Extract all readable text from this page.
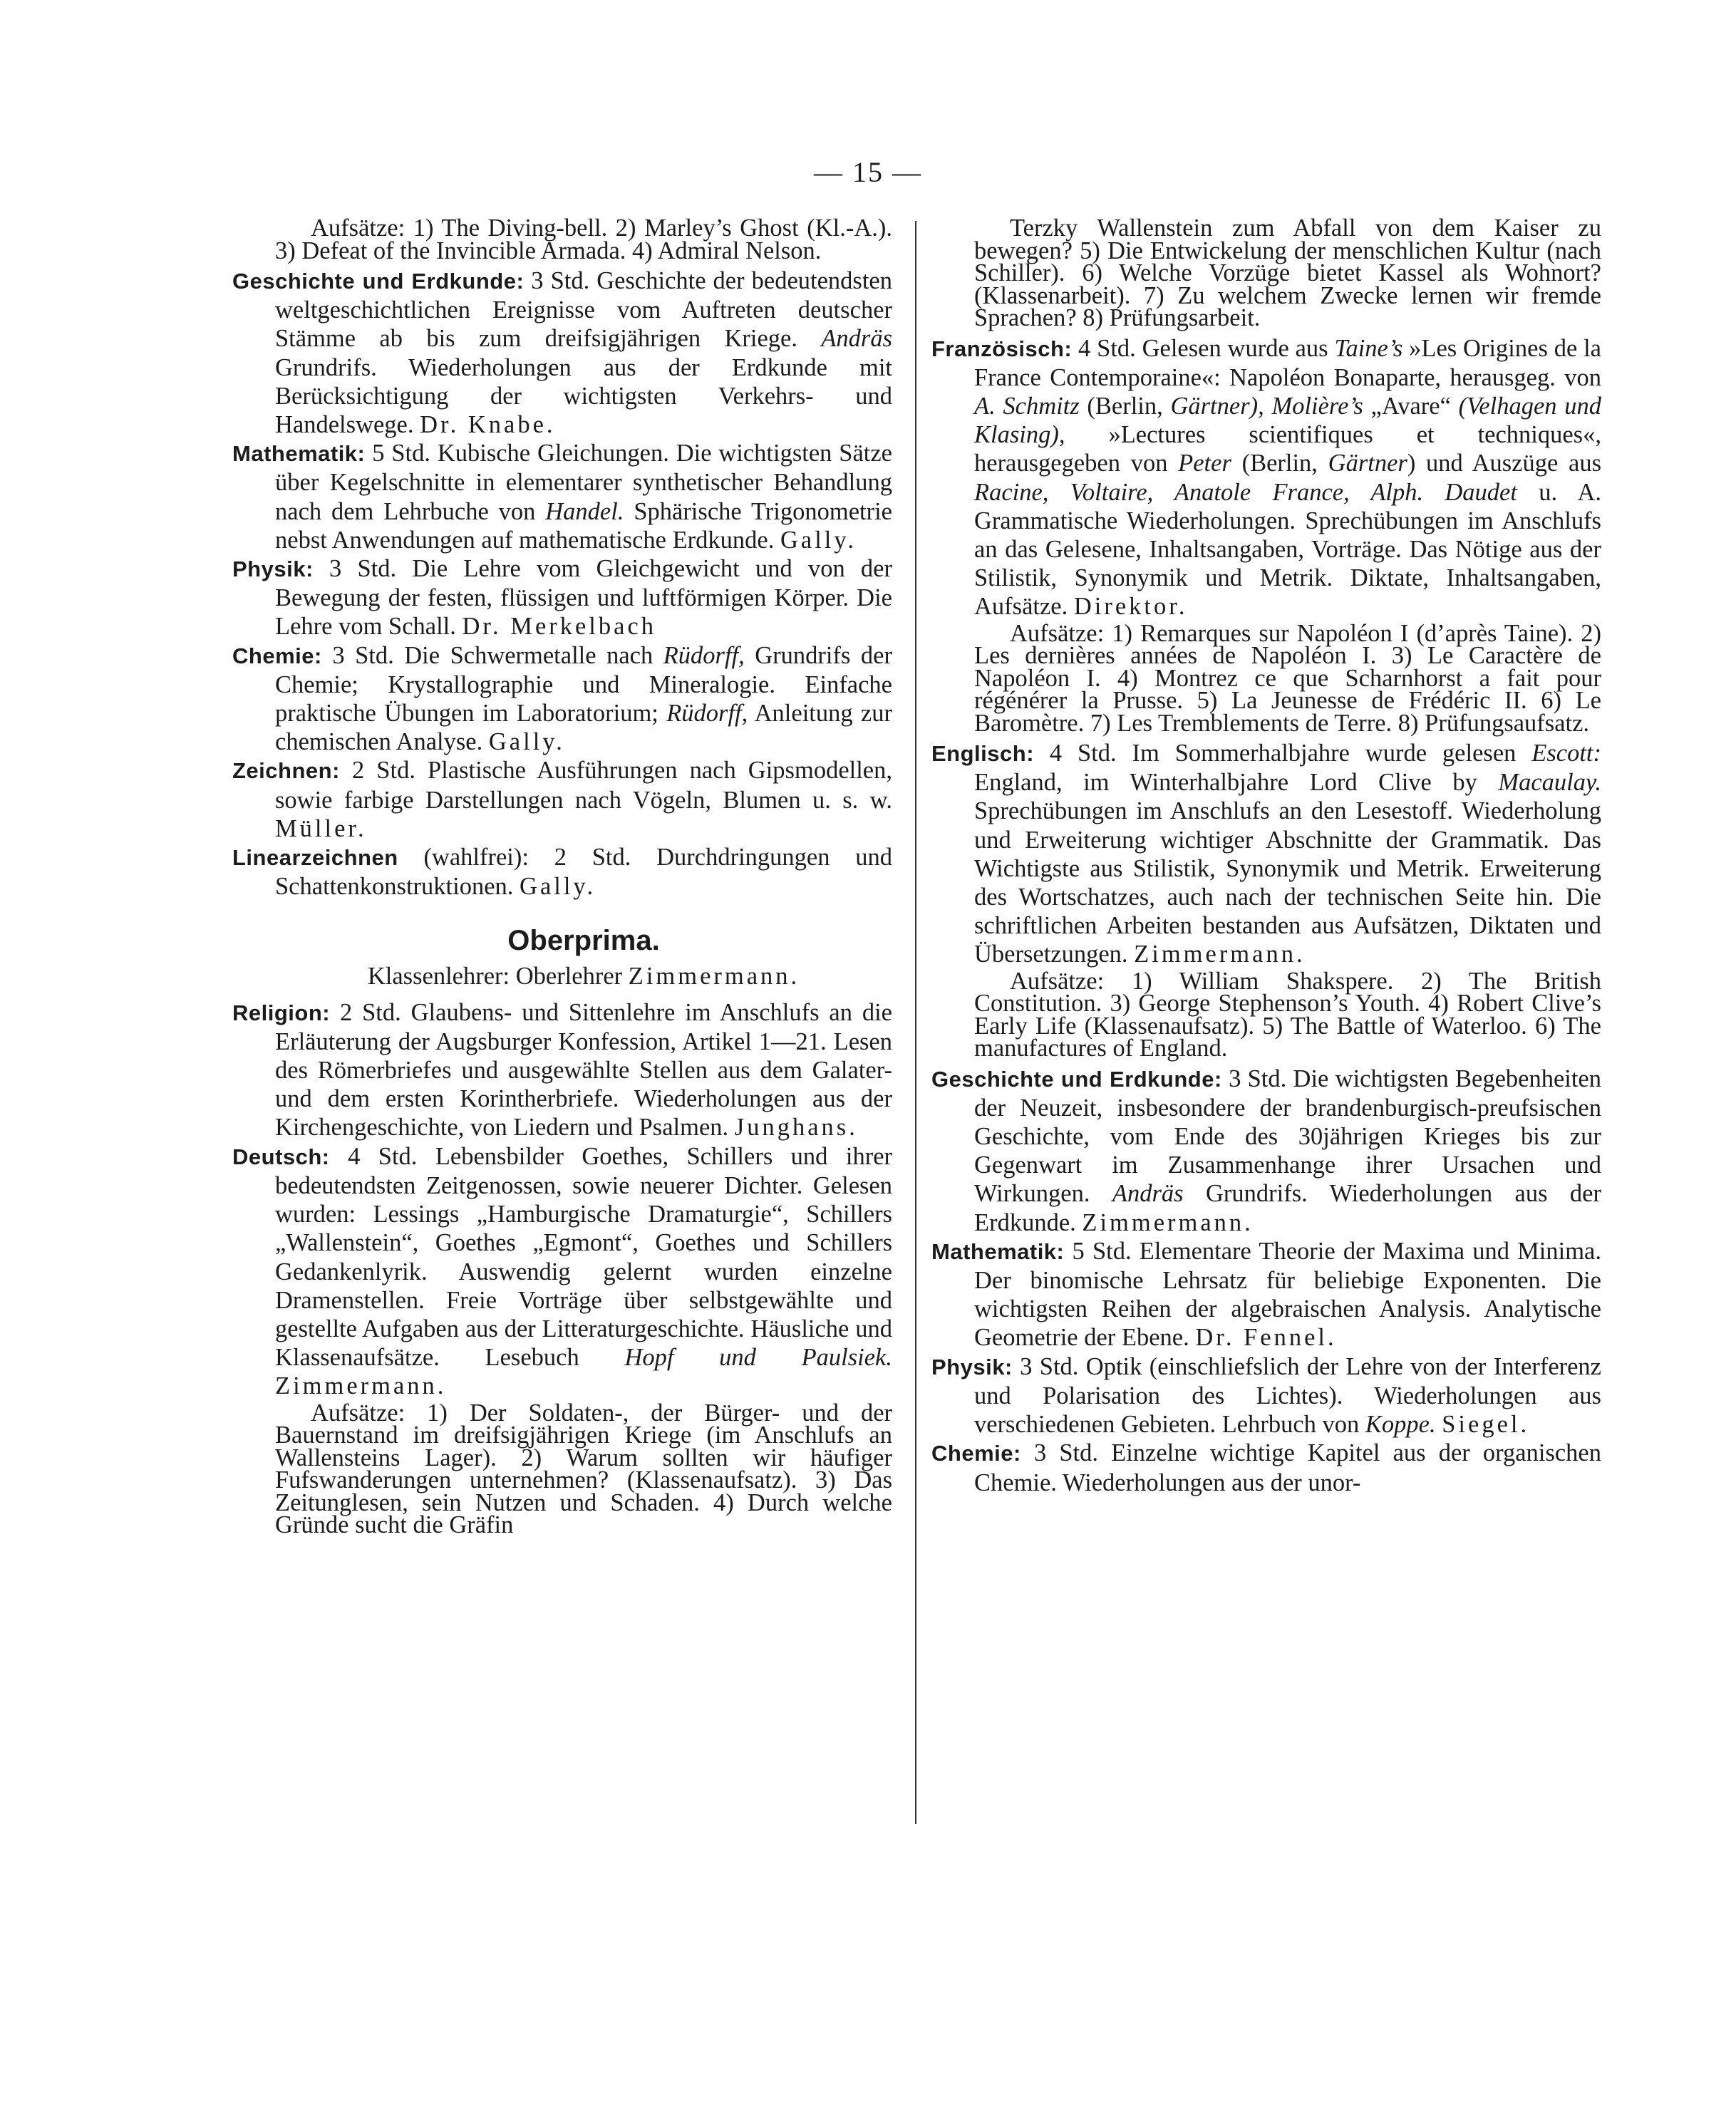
— 15 —

Aufsätze: 1) The Diving-bell. 2) Marley’s Ghost (Kl.-A.). 3) Defeat of the Invincible Armada. 4) Admiral Nelson.

Geschichte und Erdkunde: 3 Std. Geschichte der bedeutendsten weltgeschichtlichen Ereignisse vom Auftreten deutscher Stämme ab bis zum dreifsigjährigen Kriege. Andräs Grundrifs. Wiederholungen aus der Erdkunde mit Berücksichtigung der wichtigsten Verkehrs- und Handelswege. Dr. Knabe.

Mathematik: 5 Std. Kubische Gleichungen. Die wichtigsten Sätze über Kegelschnitte in elementarer synthetischer Behandlung nach dem Lehrbuche von Handel. Sphärische Trigonometrie nebst Anwendungen auf mathematische Erdkunde. Gally.

Physik: 3 Std. Die Lehre vom Gleichgewicht und von der Bewegung der festen, flüssigen und luftförmigen Körper. Die Lehre vom Schall. Dr. Merkelbach

Chemie: 3 Std. Die Schwermetalle nach Rüdorff, Grundrifs der Chemie; Krystallographie und Mineralogie. Einfache praktische Übungen im Laboratorium; Rüdorff, Anleitung zur chemischen Analyse. Gally.

Zeichnen: 2 Std. Plastische Ausführungen nach Gipsmodellen, sowie farbige Darstellungen nach Vögeln, Blumen u. s. w. Müller.

Linearzeichnen (wahlfrei): 2 Std. Durchdringungen und Schattenkonstruktionen. Gally.

Oberprima.
Klassenlehrer: Oberlehrer Zimmermann.

Religion: 2 Std. Glaubens- und Sittenlehre im Anschlufs an die Erläuterung der Augsburger Konfession, Artikel 1—21. Lesen des Römerbriefes und ausgewählte Stellen aus dem Galater- und dem ersten Korintherbriefe. Wiederholungen aus der Kirchengeschichte, von Liedern und Psalmen. Junghans.

Deutsch: 4 Std. Lebensbilder Goethes, Schillers und ihrer bedeutendsten Zeitgenossen, sowie neuerer Dichter. Gelesen wurden: Lessings „Hamburgische Dramaturgie“, Schillers „Wallenstein“, Goethes „Egmont“, Goethes und Schillers Gedankenlyrik. Auswendig gelernt wurden einzelne Dramenstellen. Freie Vorträge über selbstgewählte und gestellte Aufgaben aus der Litteraturgeschichte. Häusliche und Klassenaufsätze. Lesebuch Hopf und Paulsiek. Zimmermann.

Aufsätze: 1) Der Soldaten-, der Bürger- und der Bauernstand im dreifsigjährigen Kriege (im Anschlufs an Wallensteins Lager). 2) Warum sollten wir häufiger Fufswanderungen unternehmen? (Klassenaufsatz). 3) Das Zeitunglesen, sein Nutzen und Schaden. 4) Durch welche Gründe sucht die Gräfin

Terzky Wallenstein zum Abfall von dem Kaiser zu bewegen? 5) Die Entwickelung der menschlichen Kultur (nach Schiller). 6) Welche Vorzüge bietet Kassel als Wohnort? (Klassenarbeit). 7) Zu welchem Zwecke lernen wir fremde Sprachen? 8) Prüfungsarbeit.

Französisch: 4 Std. Gelesen wurde aus Taine’s »Les Origines de la France Contemporaine«: Napoléon Bonaparte, herausgeg. von A. Schmitz (Berlin, Gärtner), Molière’s „Avare“ (Velhagen und Klasing), »Lectures scientifiques et techniques«, herausgegeben von Peter (Berlin, Gärtner) und Auszüge aus Racine, Voltaire, Anatole France, Alph. Daudet u. A. Grammatische Wiederholungen. Sprechübungen im Anschlufs an das Gelesene, Inhaltsangaben, Vorträge. Das Nötige aus der Stilistik, Synonymik und Metrik. Diktate, Inhaltsangaben, Aufsätze. Direktor.

Aufsätze: 1) Remarques sur Napoléon I (d’après Taine). 2) Les dernières années de Napoléon I. 3) Le Caractère de Napoléon I. 4) Montrez ce que Scharnhorst a fait pour régénérer la Prusse. 5) La Jeunesse de Frédéric II. 6) Le Baromètre. 7) Les Tremblements de Terre. 8) Prüfungsaufsatz.

Englisch: 4 Std. Im Sommerhalbjahre wurde gelesen Escott: England, im Winterhalbjahre Lord Clive by Macaulay. Sprechübungen im Anschlufs an den Lesestoff. Wiederholung und Erweiterung wichtiger Abschnitte der Grammatik. Das Wichtigste aus Stilistik, Synonymik und Metrik. Erweiterung des Wortschatzes, auch nach der technischen Seite hin. Die schriftlichen Arbeiten bestanden aus Aufsätzen, Diktaten und Übersetzungen. Zimmermann.

Aufsätze: 1) William Shakspere. 2) The British Constitution. 3) George Stephenson’s Youth. 4) Robert Clive’s Early Life (Klassenaufsatz). 5) The Battle of Waterloo. 6) The manufactures of England.

Geschichte und Erdkunde: 3 Std. Die wichtigsten Begebenheiten der Neuzeit, insbesondere der brandenburgisch-preufsischen Geschichte, vom Ende des 30jährigen Krieges bis zur Gegenwart im Zusammenhange ihrer Ursachen und Wirkungen. Andräs Grundrifs. Wiederholungen aus der Erdkunde. Zimmermann.

Mathematik: 5 Std. Elementare Theorie der Maxima und Minima. Der binomische Lehrsatz für beliebige Exponenten. Die wichtigsten Reihen der algebraischen Analysis. Analytische Geometrie der Ebene. Dr. Fennel.

Physik: 3 Std. Optik (einschliefslich der Lehre von der Interferenz und Polarisation des Lichtes). Wiederholungen aus verschiedenen Gebieten. Lehrbuch von Koppe. Siegel.

Chemie: 3 Std. Einzelne wichtige Kapitel aus der organischen Chemie. Wiederholungen aus der unor-
